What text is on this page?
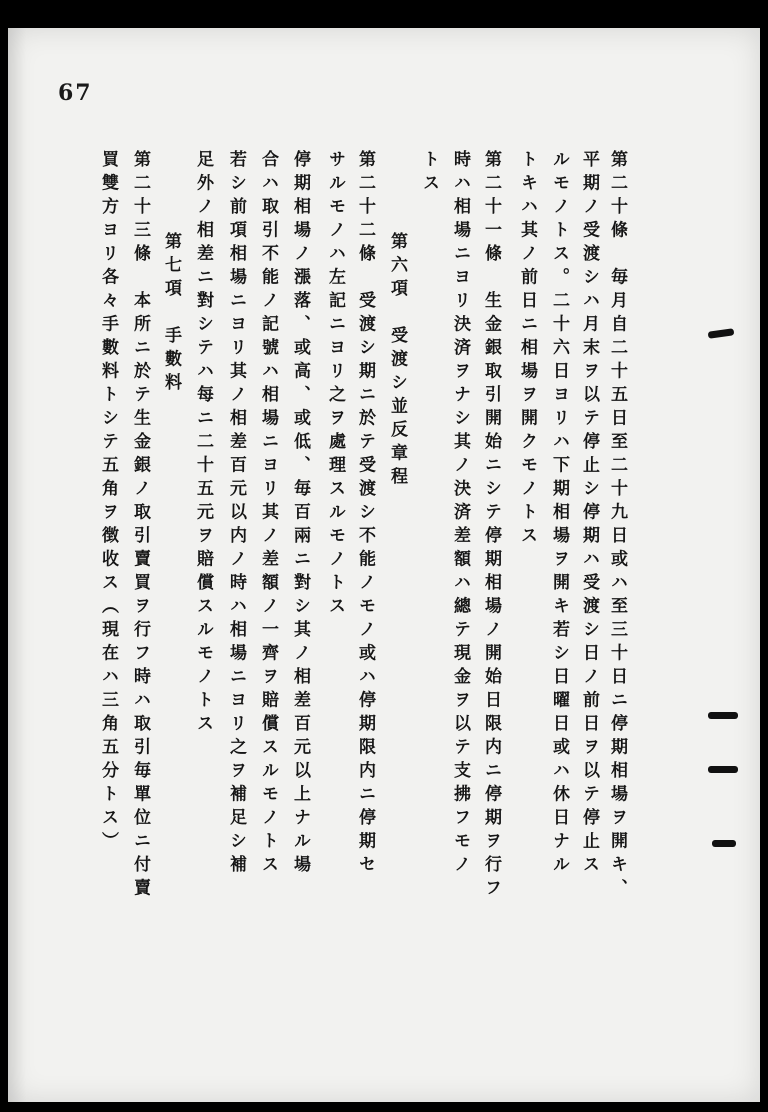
67
第二十條　毎月自二十五日至二十九日或ハ至三十日ニ停期相場ヲ開キ、
平期ノ受渡シハ月末ヲ以テ停止シ停期ハ受渡シ日ノ前日ヲ以テ停止ス
ルモノトス。二十六日ヨリハ下期相場ヲ開キ若シ日曜日或ハ休日ナル
トキハ其ノ前日ニ相場ヲ開クモノトス
第二十一條　生金銀取引開始ニシテ停期相場ノ開始日限内ニ停期ヲ行フ
時ハ相場ニヨリ決済ヲナシ其ノ決済差額ハ總テ現金ヲ以テ支拂フモノ
トス
第六項　受渡シ並反章程
第二十二條　受渡シ期ニ於テ受渡シ不能ノモノ或ハ停期限内ニ停期セ
サルモノハ左記ニヨリ之ヲ處理スルモノトス
停期相場ノ漲落、或高、或低、毎百兩ニ對シ其ノ相差百元以上ナル場
合ハ取引不能ノ記號ハ相場ニヨリ其ノ差額ノ一齊ヲ賠償スルモノトス
若シ前項相場ニヨリ其ノ相差百元以内ノ時ハ相場ニヨリ之ヲ補足シ補
足外ノ相差ニ對シテハ每ニ二十五元ヲ賠償スルモノトス
第七項　手數料
第二十三條　本所ニ於テ生金銀ノ取引賣買ヲ行フ時ハ取引毎單位ニ付賣
買雙方ヨリ各々手數料トシテ五角ヲ徴收ス（現在ハ三角五分トス）
